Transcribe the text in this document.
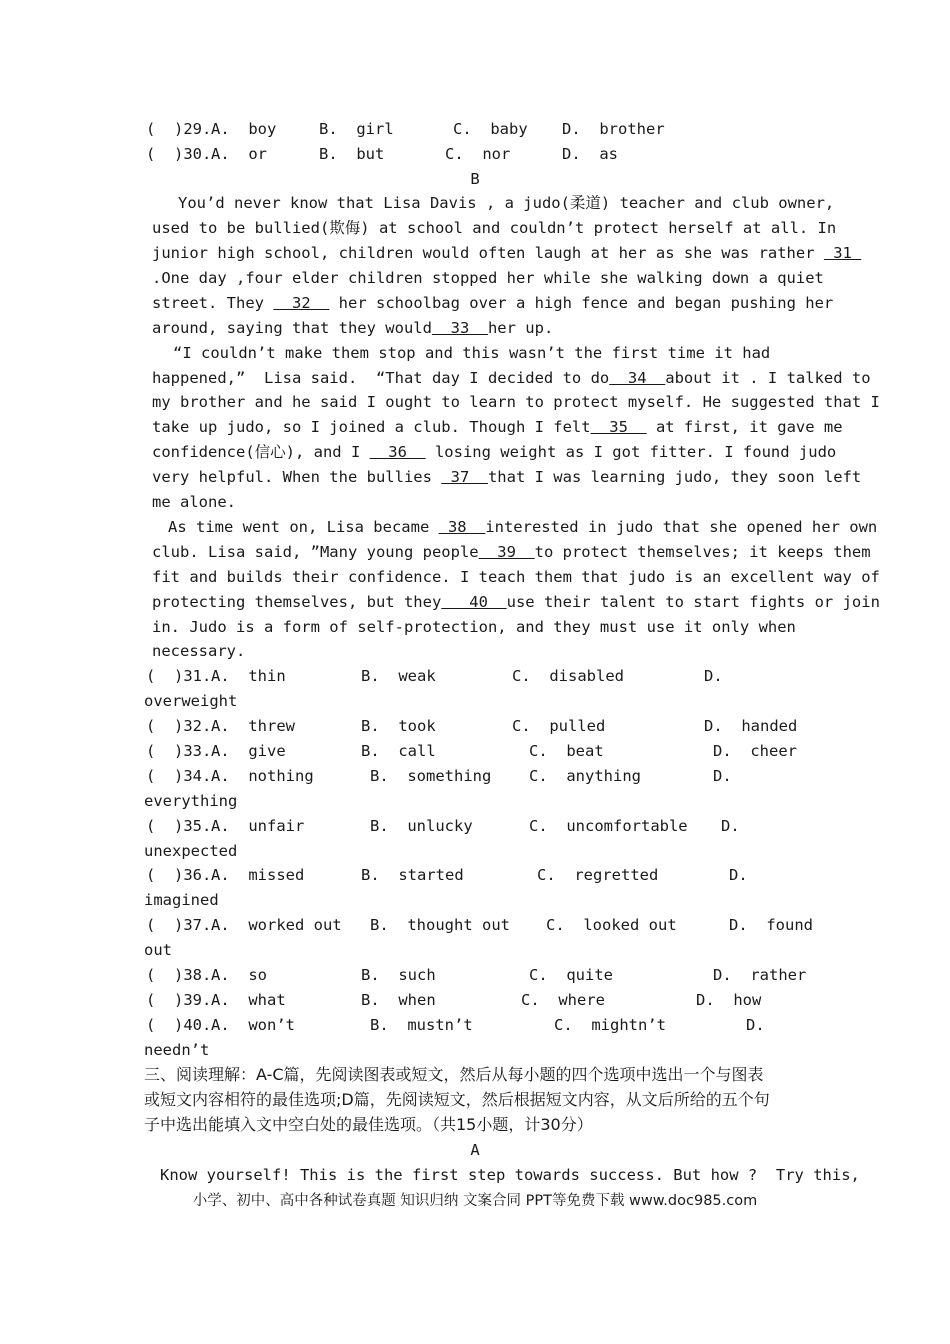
(  )29. A.  boy	B.  girl	C.  baby D.  brother
(  )30. A.  or	B.  but	C.  nor	D.  as
B
You’d never know that Lisa Davis , a judo(柔道) teacher and club owner,
used to be bullied(欺侮) at school and couldn’t protect herself at all. In
junior high school, children would often laugh at her as she was rather  31
.One day ,four elder children stopped her while she walking down a quiet
street. They   32   her schoolbag over a high fence and began pushing her
around, saying that they would  33  her up.
“I couldn’t make them stop and this wasn’t the first time it had
happened,”  Lisa said.  “That day I decided to do  34  about it . I talked to
my brother and he said I ought to learn to protect myself. He suggested that I
take up judo, so I joined a club. Though I felt  35   at first, it gave me
confidence(信心), and I   36   losing weight as I got fitter. I found judo
very helpful. When the bullies  37  that I was learning judo, they soon left
me alone.
As time went on, Lisa became  38  interested in judo that she opened her own
club. Lisa said, ”Many young people  39  to protect themselves; it keeps them
fit and builds their confidence. I teach them that judo is an excellent way of
protecting themselves, but they   40  use their talent to start fights or join
in. Judo is a form of self-protection, and they must use it only when
necessary.
(  )31. A.  thin	B.  weak	C.  disabled	D.
overweight
(  )32. A.  threw	B.  took	C.  pulled	D.  handed
(  )33. A.  give	B.  call	C.  beat	D.  cheer
(  )34. A.  nothing	B.  something C.  anything	D.
everything
(  )35. A.  unfair	B.  unlucky	C.  uncomfortable D.
unexpected
(  )36. A.  missed	B.  started	C.  regretted	D.
imagined
(  )37. A.  worked out B.  thought out C.  looked out	D.  found
out
(  )38. A.  so	B.  such	C.  quite	D.  rather
(  )39. A.  what	B.  when	C.  where	D.  how
(  )40. A.  won’t	B.  mustn’t	C.  mightn’t	D.
needn’t
三、阅读理解：A-C篇，先阅读图表或短文，然后从每小题的四个选项中选出一个与图表
或短文内容相符的最佳选项;D篇，先阅读短文，然后根据短文内容，从文后所给的五个句
子中选出能填入文中空白处的最佳选项。（共15小题，计30分）
A
Know yourself! This is the first step towards success. But how ?  Try this,
小学、初中、高中各种试卷真题 知识归纳 文案合同 PPT等免费下载 www.doc985.com
